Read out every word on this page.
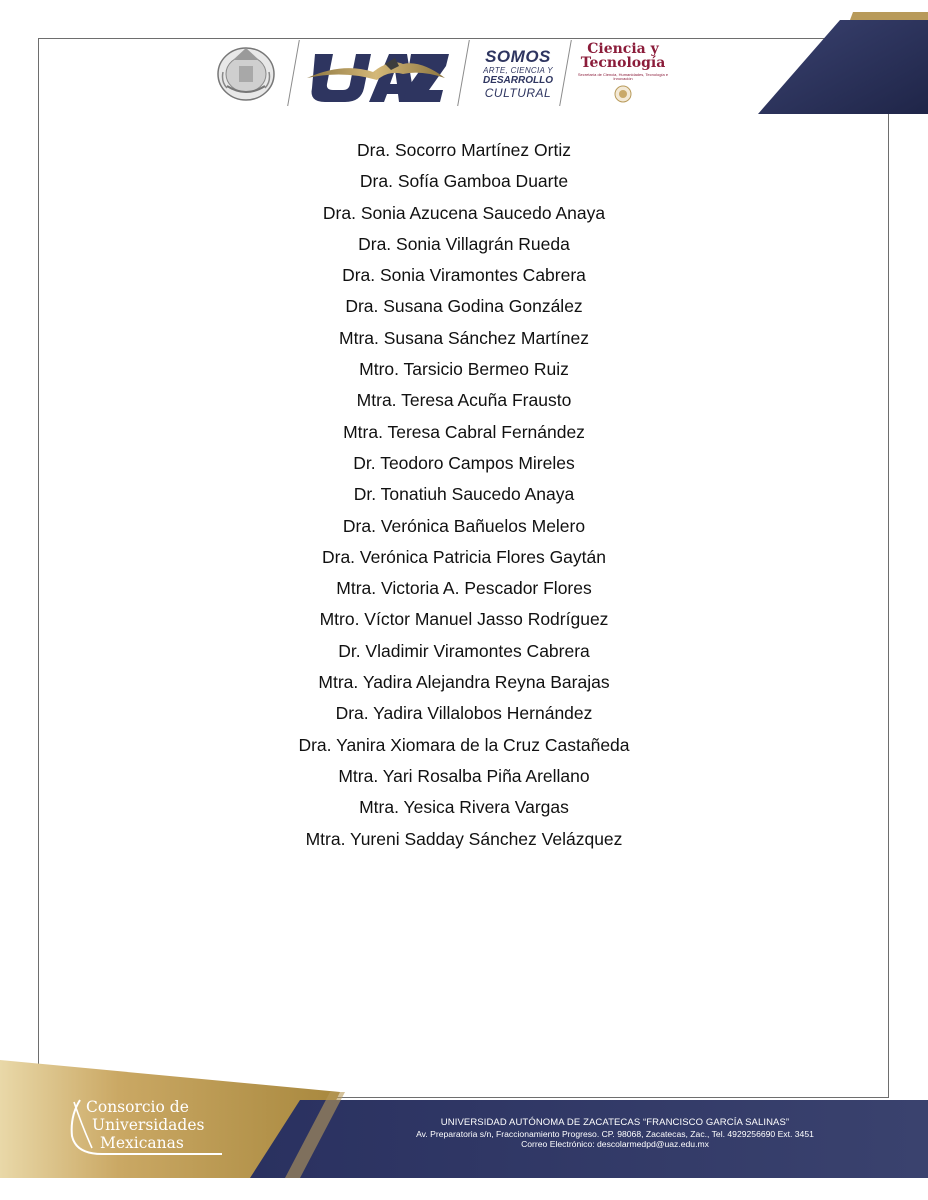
SOMOS
ARTE, CIENCIA Y
DESARROLLO
CULTURAL
Ciencia y
Tecnología
Secretaría de Ciencia, Humanidades, Tecnología e Innovación
Dra. Socorro Martínez Ortiz
Dra. Sofía Gamboa Duarte
Dra. Sonia Azucena Saucedo Anaya
Dra. Sonia Villagrán Rueda
Dra. Sonia Viramontes Cabrera
Dra. Susana Godina González
Mtra. Susana Sánchez Martínez
Mtro. Tarsicio Bermeo Ruiz
Mtra. Teresa Acuña Frausto
Mtra. Teresa Cabral Fernández
Dr. Teodoro Campos Mireles
Dr. Tonatiuh Saucedo Anaya
Dra. Verónica Bañuelos Melero
Dra. Verónica Patricia Flores Gaytán
Mtra. Victoria A. Pescador Flores
Mtro. Víctor Manuel Jasso Rodríguez
Dr. Vladimir Viramontes Cabrera
Mtra. Yadira Alejandra Reyna Barajas
Dra. Yadira Villalobos Hernández
Dra. Yanira Xiomara de la Cruz Castañeda
Mtra. Yari Rosalba Piña Arellano
Mtra. Yesica Rivera Vargas
Mtra. Yureni Sadday Sánchez Velázquez
Consorcio de
Universidades
Mexicanas
UNIVERSIDAD AUTÓNOMA DE ZACATECAS “FRANCISCO GARCÍA SALINAS”
Av. Preparatoria s/n, Fraccionamiento Progreso. CP. 98068, Zacatecas, Zac., Tel. 4929256690 Ext. 3451
Correo Electrónico: descolarmedpd@uaz.edu.mx
